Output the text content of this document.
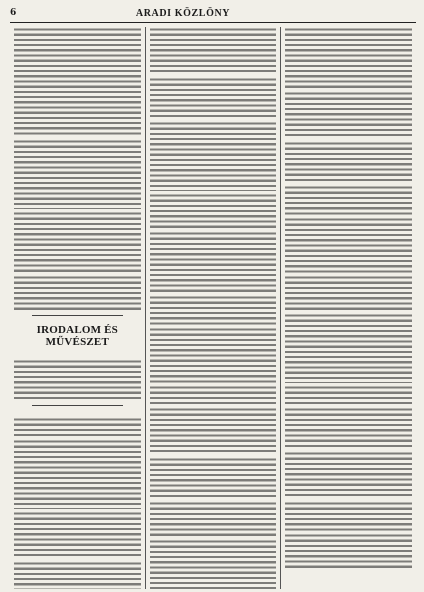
6	ARADI KÖZLÖNY

IRODALOM ÉS MŰVÉSZET
